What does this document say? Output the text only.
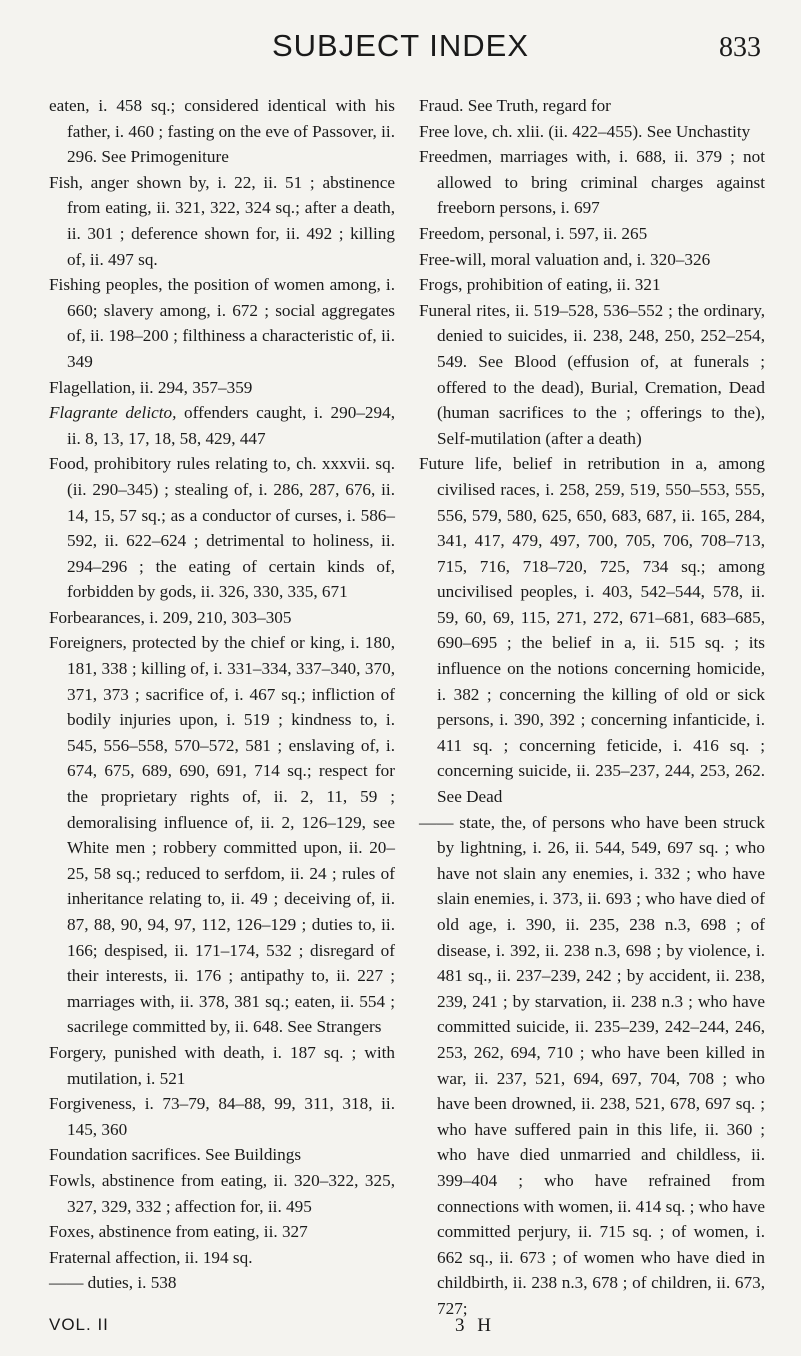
SUBJECT INDEX	833

eaten, i. 458 sq.; considered identical with his father, i. 460 ; fasting on the eve of Passover, ii. 296. See Primogeniture

Fish, anger shown by, i. 22, ii. 51 ; abstinence from eating, ii. 321, 322, 324 sq.; after a death, ii. 301 ; deference shown for, ii. 492 ; killing of, ii. 497 sq.

Fishing peoples, the position of women among, i. 660; slavery among, i. 672 ; social aggregates of, ii. 198–200 ; filthiness a characteristic of, ii. 349

Flagellation, ii. 294, 357–359

Flagrante delicto, offenders caught, i. 290–294, ii. 8, 13, 17, 18, 58, 429, 447

Food, prohibitory rules relating to, ch. xxxvii. sq. (ii. 290–345) ; stealing of, i. 286, 287, 676, ii. 14, 15, 57 sq.; as a conductor of curses, i. 586–592, ii. 622–624 ; detrimental to holiness, ii. 294–296 ; the eating of certain kinds of, forbidden by gods, ii. 326, 330, 335, 671

Forbearances, i. 209, 210, 303–305

Foreigners, protected by the chief or king, i. 180, 181, 338 ; killing of, i. 331–334, 337–340, 370, 371, 373 ; sacrifice of, i. 467 sq.; infliction of bodily injuries upon, i. 519 ; kindness to, i. 545, 556–558, 570–572, 581 ; enslaving of, i. 674, 675, 689, 690, 691, 714 sq.; respect for the proprietary rights of, ii. 2, 11, 59 ; demoralising influence of, ii. 2, 126–129, see White men ; robbery committed upon, ii. 20–25, 58 sq.; reduced to serfdom, ii. 24 ; rules of inheritance relating to, ii. 49 ; deceiving of, ii. 87, 88, 90, 94, 97, 112, 126–129 ; duties to, ii. 166; despised, ii. 171–174, 532 ; disregard of their interests, ii. 176 ; antipathy to, ii. 227 ; marriages with, ii. 378, 381 sq.; eaten, ii. 554 ; sacrilege committed by, ii. 648. See Strangers

Forgery, punished with death, i. 187 sq. ; with mutilation, i. 521

Forgiveness, i. 73–79, 84–88, 99, 311, 318, ii. 145, 360

Foundation sacrifices. See Buildings

Fowls, abstinence from eating, ii. 320–322, 325, 327, 329, 332 ; affection for, ii. 495

Foxes, abstinence from eating, ii. 327

Fraternal affection, ii. 194 sq.

—— duties, i. 538

Fraud. See Truth, regard for

Free love, ch. xlii. (ii. 422–455). See Unchastity

Freedmen, marriages with, i. 688, ii. 379 ; not allowed to bring criminal charges against freeborn persons, i. 697

Freedom, personal, i. 597, ii. 265

Free-will, moral valuation and, i. 320–326

Frogs, prohibition of eating, ii. 321

Funeral rites, ii. 519–528, 536–552 ; the ordinary, denied to suicides, ii. 238, 248, 250, 252–254, 549. See Blood (effusion of, at funerals ; offered to the dead), Burial, Cremation, Dead (human sacrifices to the ; offerings to the), Self-mutilation (after a death)

Future life, belief in retribution in a, among civilised races, i. 258, 259, 519, 550–553, 555, 556, 579, 580, 625, 650, 683, 687, ii. 165, 284, 341, 417, 479, 497, 700, 705, 706, 708–713, 715, 716, 718–720, 725, 734 sq.; among uncivilised peoples, i. 403, 542–544, 578, ii. 59, 60, 69, 115, 271, 272, 671–681, 683–685, 690–695 ; the belief in a, ii. 515 sq. ; its influence on the notions concerning homicide, i. 382 ; concerning the killing of old or sick persons, i. 390, 392 ; concerning infanticide, i. 411 sq. ; concerning feticide, i. 416 sq. ; concerning suicide, ii. 235–237, 244, 253, 262. See Dead

—— state, the, of persons who have been struck by lightning, i. 26, ii. 544, 549, 697 sq. ; who have not slain any enemies, i. 332 ; who have slain enemies, i. 373, ii. 693 ; who have died of old age, i. 390, ii. 235, 238 n.3, 698 ; of disease, i. 392, ii. 238 n.3, 698 ; by violence, i. 481 sq., ii. 237–239, 242 ; by accident, ii. 238, 239, 241 ; by starvation, ii. 238 n.3 ; who have committed suicide, ii. 235–239, 242–244, 246, 253, 262, 694, 710 ; who have been killed in war, ii. 237, 521, 694, 697, 704, 708 ; who have been drowned, ii. 238, 521, 678, 697 sq. ; who have suffered pain in this life, ii. 360 ; who have died unmarried and childless, ii. 399–404 ; who have refrained from connections with women, ii. 414 sq. ; who have committed perjury, ii. 715 sq. ; of women, i. 662 sq., ii. 673 ; of women who have died in childbirth, ii. 238 n.3, 678 ; of children, ii. 673, 727;

VOL. II	3 H
